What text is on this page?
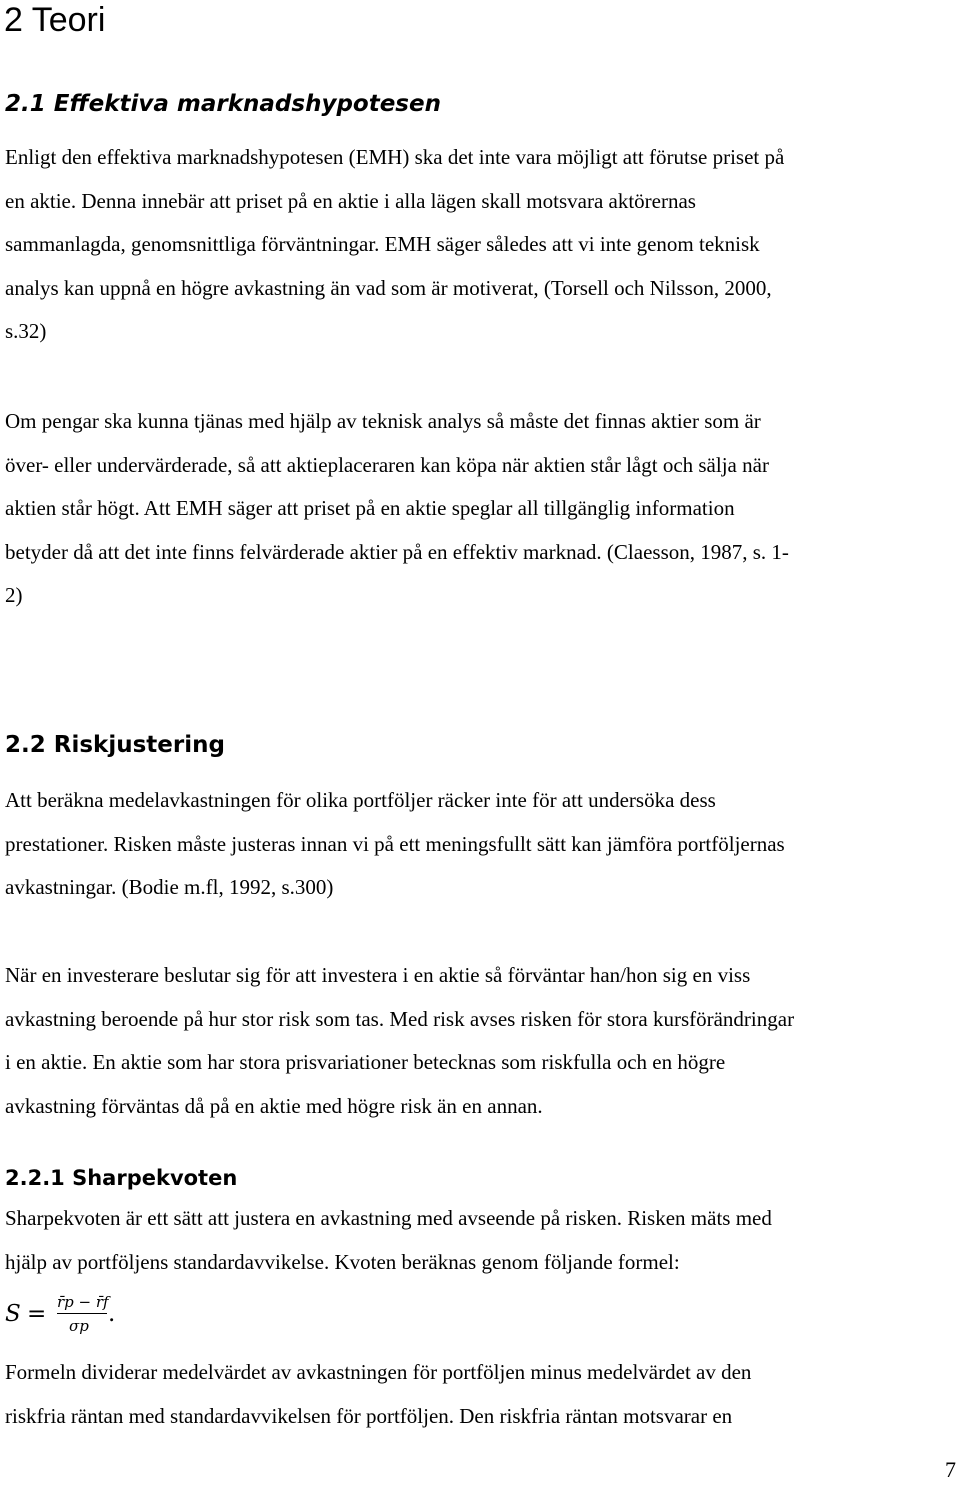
2 Teori
2.1 Effektiva marknadshypotesen
Enligt den effektiva marknadshypotesen (EMH) ska det inte vara möjligt att förutse priset på
en aktie. Denna innebär att priset på en aktie i alla lägen skall motsvara aktörernas
sammanlagda, genomsnittliga förväntningar. EMH säger således att vi inte genom teknisk
analys kan uppnå en högre avkastning än vad som är motiverat, (Torsell och Nilsson, 2000,
s.32)
Om pengar ska kunna tjänas med hjälp av teknisk analys så måste det finnas aktier som är
över- eller undervärderade, så att aktieplaceraren kan köpa när aktien står lågt och sälja när
aktien står högt. Att EMH säger att priset på en aktie speglar all tillgänglig information
betyder då att det inte finns felvärderade aktier på en effektiv marknad. (Claesson, 1987, s. 1-
2)
2.2 Riskjustering
Att beräkna medelavkastningen för olika portföljer räcker inte för att undersöka dess
prestationer. Risken måste justeras innan vi på ett meningsfullt sätt kan jämföra portföljernas
avkastningar. (Bodie m.fl, 1992, s.300)
När en investerare beslutar sig för att investera i en aktie så förväntar han/hon sig en viss
avkastning beroende på hur stor risk som tas. Med risk avses risken för stora kursförändringar
i en aktie. En aktie som har stora prisvariationer betecknas som riskfulla och en högre
avkastning förväntas då på en aktie med högre risk än en annan.
2.2.1 Sharpekvoten
Sharpekvoten är ett sätt att justera en avkastning med avseende på risken. Risken mäts med
hjälp av portföljens standardavvikelse. Kvoten beräknas genom följande formel:
S = r̄p − r̄f
σp .
Formeln dividerar medelvärdet av avkastningen för portföljen minus medelvärdet av den
riskfria räntan med standardavvikelsen för portföljen. Den riskfria räntan motsvarar en
7
